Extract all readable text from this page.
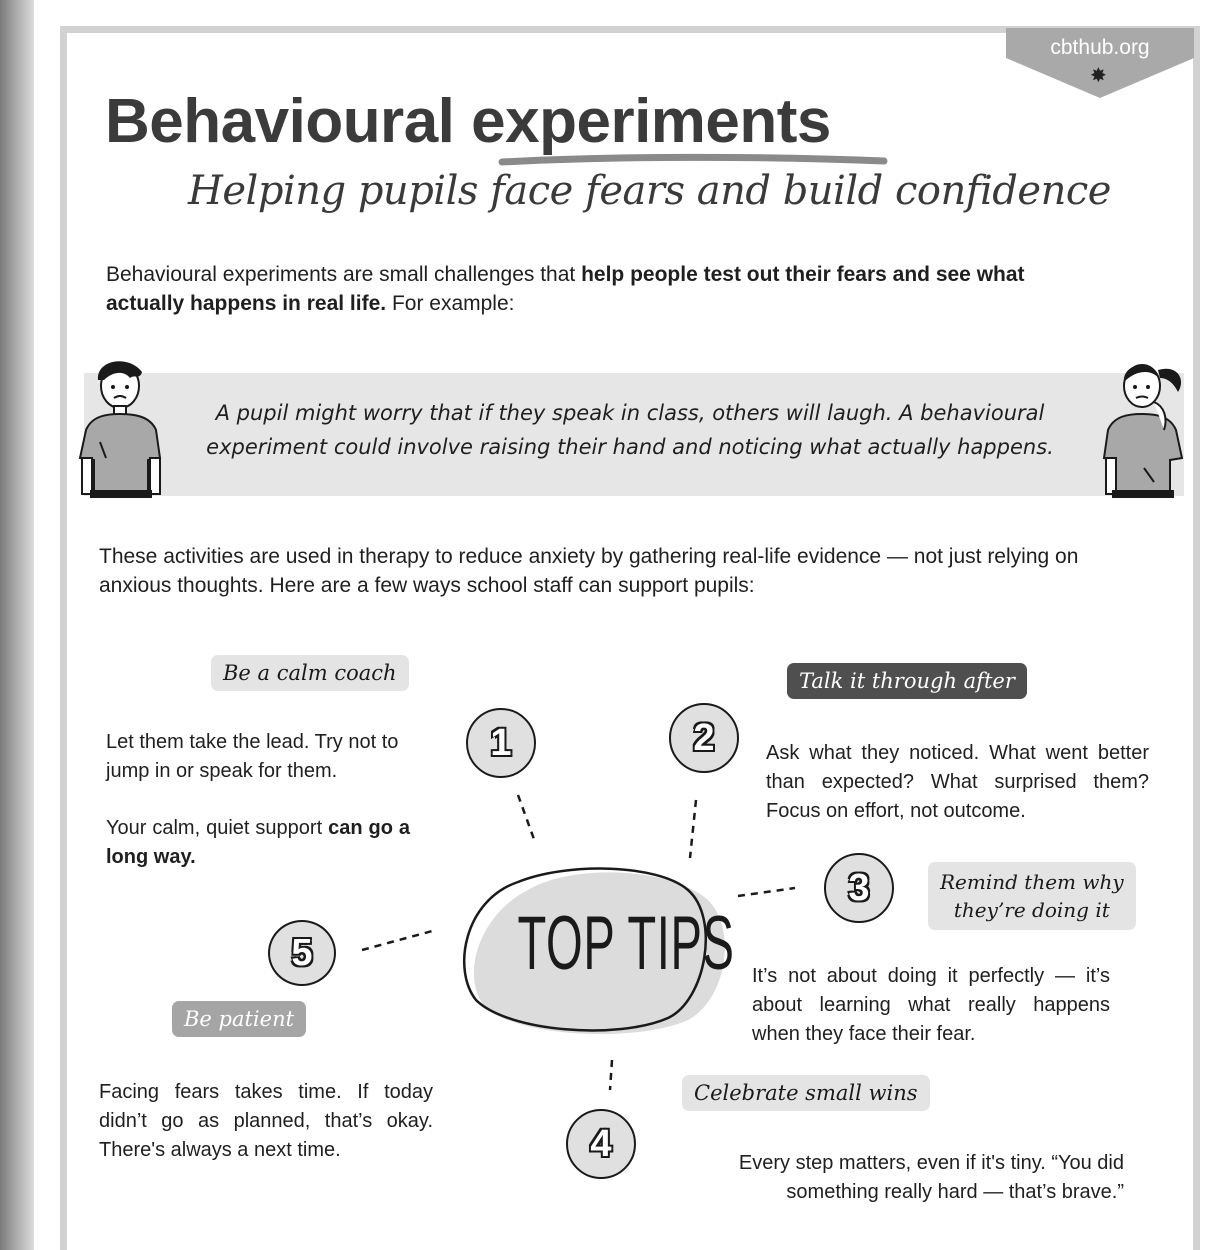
cbthub.org
✸
Behavioural experiments
Helping pupils face fears and build confidence
Behavioural experiments are small challenges that help people test out their fears and see what actually happens in real life. For example:
A pupil might worry that if they speak in class, others will laugh. A behavioural
experiment could involve raising their hand and noticing what actually happens.
These activities are used in therapy to reduce anxiety by gathering real-life evidence — not just relying on anxious thoughts. Here are a few ways school staff can support pupils:
TOP TIPS
Be a calm coach
1
Let them take the lead. Try not to jump in or speak for them.
Your calm, quiet support can go a long way.
Talk it through after
2	Ask what they noticed. What went better than expected? What surprised them? Focus on effort, not outcome.
3	Remind them why
they’re doing it
It’s not about doing it perfectly — it’s about learning what really happens when they face their fear.
Celebrate small wins
4	Every step matters, even if it's tiny. “You did
something really hard — that’s brave.”
5
Be patient
Facing fears takes time. If today didn’t go as planned, that’s okay. There's always a next time.
